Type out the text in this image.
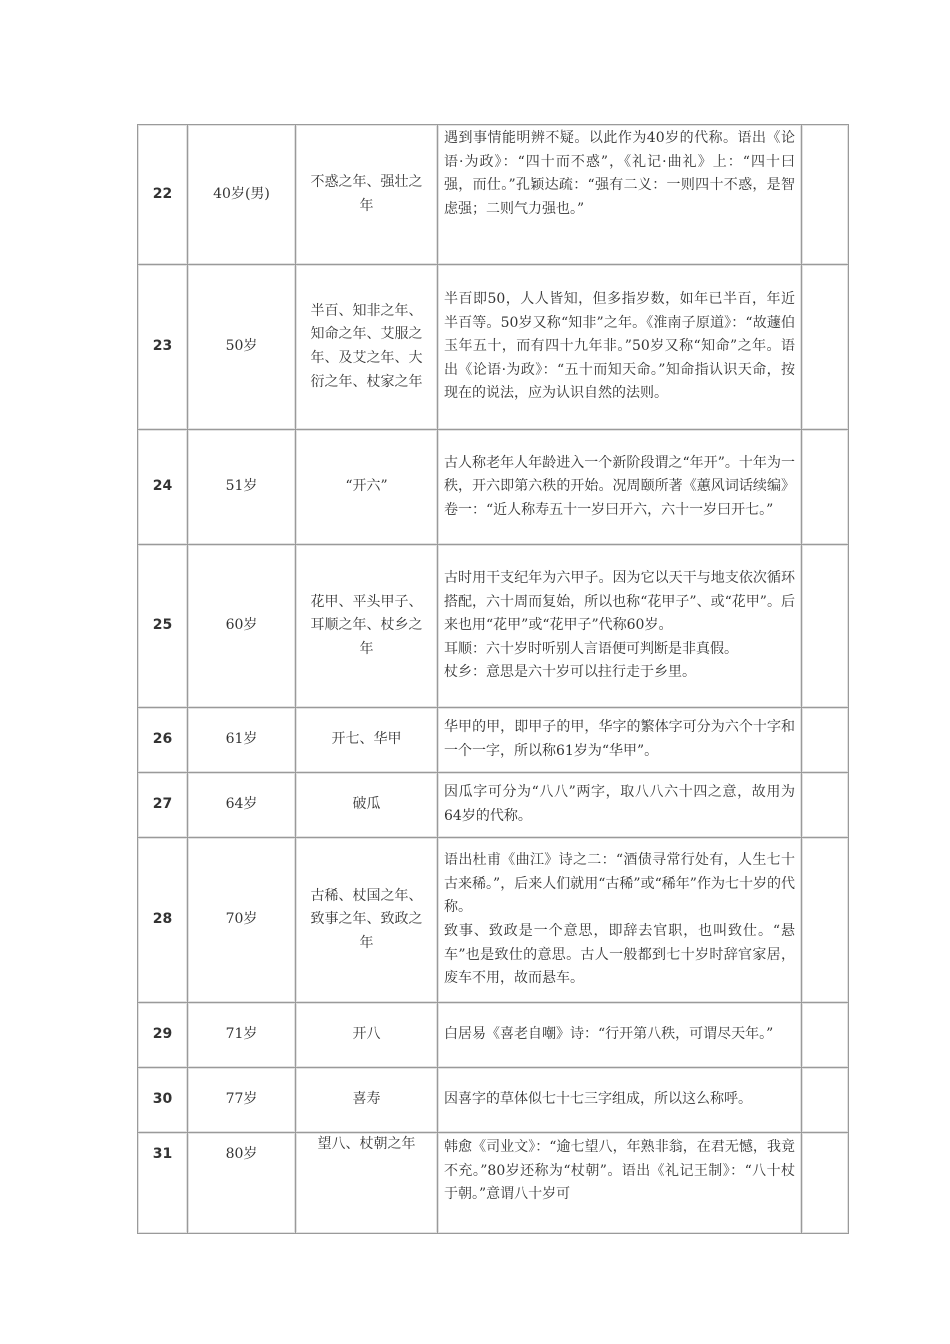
22	40岁(男)	不惑之年、强壮之年	遇到事情能明辨不疑。以此作为40岁的代称。语出《论语·为政》：“四十而不惑”，《礼记·曲礼》上：“四十曰强，而仕。”孔颖达疏：“强有二义：一则四十不惑，是智虑强；二则气力强也。”	

23	50岁	半百、知非之年、知命之年、艾服之年、及艾之年、大衍之年、杖家之年	半百即50，人人皆知，但多指岁数，如年已半百，年近半百等。50岁又称“知非”之年。《淮南子原道》：“故蘧伯玉年五十，而有四十九年非。”50岁又称“知命”之年。语出《论语·为政》：“五十而知天命。”知命指认识天命，按现在的说法，应为认识自然的法则。	

24	51岁	“开六”	古人称老年人年龄进入一个新阶段谓之“年开”。十年为一秩，开六即第六秩的开始。况周颐所著《蕙风词话续编》卷一：“近人称寿五十一岁曰开六，六十一岁曰开七。”	

25	60岁	花甲、平头甲子、耳顺之年、杖乡之年	古时用干支纪年为六甲子。因为它以天干与地支依次循环搭配，六十周而复始，所以也称“花甲子”、或“花甲”。后来也用“花甲”或“花甲子”代称60岁。
耳顺：六十岁时听别人言语便可判断是非真假。
杖乡：意思是六十岁可以拄行走于乡里。	

26	61岁	开七、华甲	华甲的甲，即甲子的甲，华字的繁体字可分为六个十字和一个一字，所以称61岁为“华甲”。	

27	64岁	破瓜	因瓜字可分为“八八”两字，取八八六十四之意，故用为64岁的代称。	

28	70岁	古稀、杖国之年、致事之年、致政之年	语出杜甫《曲江》诗之二：“酒债寻常行处有，人生七十古来稀。”，后来人们就用“古稀”或“稀年”作为七十岁的代称。
致事、致政是一个意思，即辞去官职，也叫致仕。“悬车”也是致仕的意思。古人一般都到七十岁时辞官家居，废车不用，故而悬车。	

29	71岁	开八	白居易《喜老自嘲》诗：“行开第八秩，可谓尽天年。”	

30	77岁	喜寿	因喜字的草体似七十七三字组成，所以这么称呼。	

31	80岁	望八、杖朝之年	韩愈《司业文》：“逾七望八，年熟非翁，在君无憾，我竟不充。”80岁还称为“杖朝”。语出《礼记王制》：“八十杖于朝。”意谓八十岁可	
